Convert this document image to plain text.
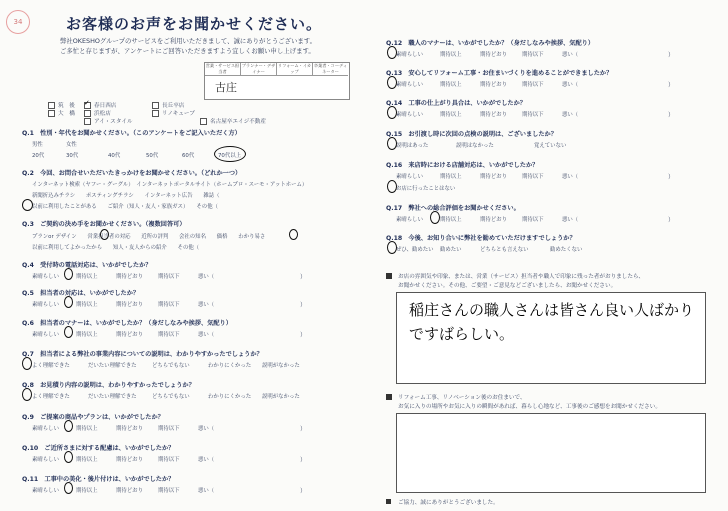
34	お客様のお声をお聞かせください。
弊社OKESHOグループのサービスをご利用いただきまして、誠にありがとうございます。
ご多忙と存じますが、アンケートにご回答いただきますよう宜しくお願い申し上げます。
営業・サービス担当者
プランナー・デザイナー
リフォーム・イカップ
卒業者・コーディネーター
古庄
筑　後
✓	春日西店
大　橋	浜松店
長丘卒店
アイ・スタイル
リノキューブ
名古屋卒エイジ不動産
Q.1　性別・年代をお聞かせください。（このアンケートをご記入いただく方）
男性	女性
20代	30代	40代	50代	60代	70代以上
Q.2　今回、お問合せいただいたきっかけをお聞かせください。（どれか一つ）
インターネット検索（ヤフー・グーグル）　インターネットポータルサイト（ホームプロ・スーモ・アットホーム）
新聞折込みチラシ　　ポスティングチラシ　　インターネット広告　　雑誌（
以前に利用したことがある　　ご紹介（知人・友人・家族ガス）　　その他（
Q.3　ご契約の決め手をお聞かせください。（複数回答可）
プランor デザイン　　営業担当者の対応　　近所の評判　　会社の知名　　価格　　わかり易さ
以前に利用してよかったから　　知人・友人からの紹介　　その他（
Q.4　受付時の電話対応は、いかがでしたか？
素晴らしい	期待以上	期待どおり	期待以下	悪い（	）
Q.5　担当者の対応は、いかがでしたか？
素晴らしい	期待以上	期待どおり	期待以下	悪い（	）
Q.6　担当者のマナーは、いかがでしたか？（身だしなみや挨拶、気配り）
素晴らしい	期待以上	期待どおり	期待以下	悪い（	）
Q.7　担当者による弊社の事業内容についての説明は、わかりやすかったでしょうか？
よく理解できた	だいたい理解できた	どちらでもない	わかりにくかった 説明がなかった
Q.8　お見積り内容の説明は、わかりやすかったでしょうか？
よく理解できた	だいたい理解できた	どちらでもない	わかりにくかった 説明がなかった
Q.9　ご提案の商品やプランは、いかがでしたか？
素晴らしい	期待以上	期待どおり	期待以下	悪い（	）
Q.10　ご近所さまに対する配慮は、いかがでしたか？
素晴らしい	期待以上	期待どおり	期待以下	悪い（	）
Q.11　工事中の美化・後片付けは、いかがでしたか？
素晴らしい	期待以上	期待どおり	期待以下	悪い（	）
Q.12　職人のマナーは、いかがでしたか？（身だしなみや挨拶、気配り）
素晴らしい	期待以上	期待どおり	期待以下	悪い（	）
Q.13　安心してリフォーム工事・お住まいづくりを進めることができましたか？
素晴らしい	期待以上	期待どおり	期待以下	悪い（	）
Q.14　工事の仕上がり具合は、いかがでしたか？
素晴らしい	期待以上	期待どおり	期待以下	悪い（	）
Q.15　お引渡し時に次回の点検の説明は、ございましたか？
説明はあった	説明はなかった	覚えていない
Q.16　来店時における店舗対応は、いかがでしたか？
素晴らしい	期待以上	期待どおり	期待以下	悪い（	）
お店に行ったことはない
Q.17　弊社への総合評価をお聞かせください。
素晴らしい	期待以上	期待どおり	期待以下	悪い（	）
Q.18　今後、お知り合いに弊社を勧めていただけますでしょうか？
ぜひ、勧めたい 勧めたい	どちらとも言えない	勧めたくない
お店の雰囲気や印象、または、営業（サービス）担当者や職人で印象に残った者がおりましたら、
お聞かせください。その他、ご要望・ご意見などございましたら、お聞かせください。
稲庄さんの職人さんは皆さん良い人ばかり
ですばらしい。
リフォーム工事、リノベーション後のお住まいで、
お気に入りの場所やお気に入りの瞬間があれば、暮らし心地など、工事後のご感想をお聞かせください。
ご協力、誠にありがとうございました。
